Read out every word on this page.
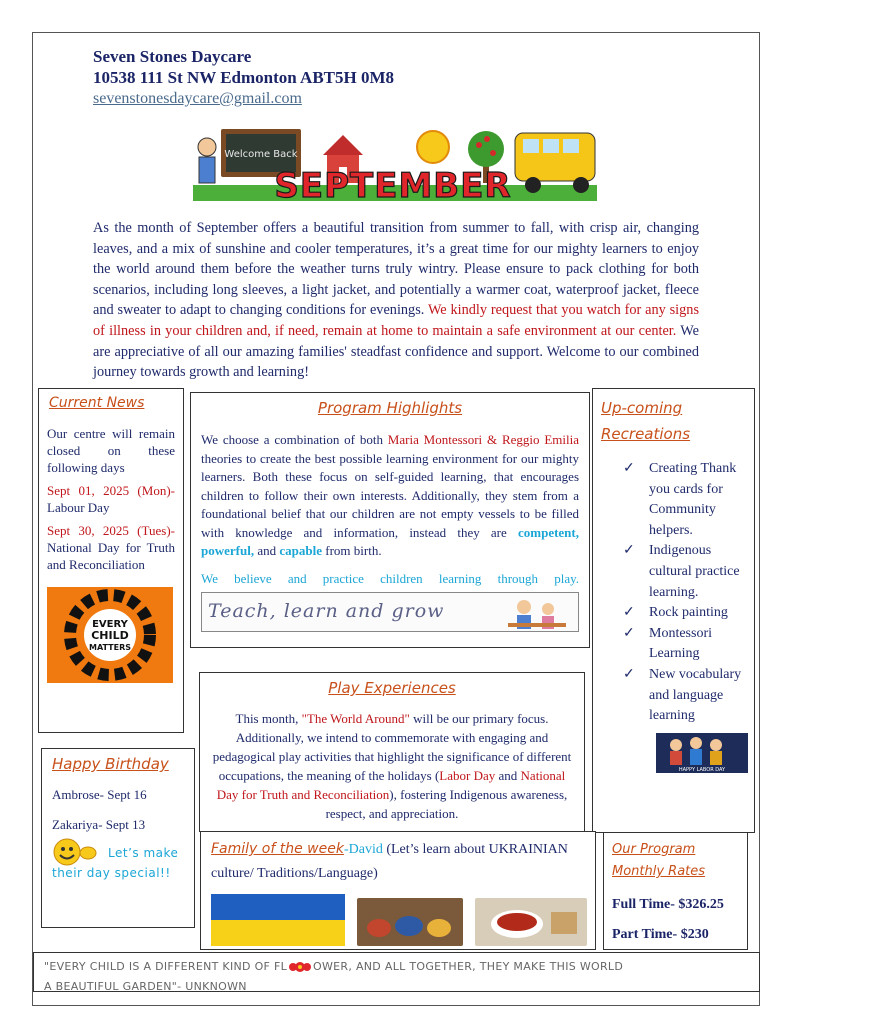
Seven Stones Daycare
10538 111 St NW Edmonton ABT5H 0M8
sevenstonesdaycare@gmail.com
Welcome Back
SEPTEMBER
As the month of September offers a beautiful transition from summer to fall, with crisp air, changing leaves, and a mix of sunshine and cooler temperatures, it’s a great time for our mighty learners to enjoy the world around them before the weather turns truly wintry. Please ensure to pack clothing for both scenarios, including long sleeves, a light jacket, and potentially a warmer coat, waterproof jacket, fleece and sweater to adapt to changing conditions for evenings. We kindly request that you watch for any signs of illness in your children and, if need, remain at home to maintain a safe environment at our center. We are appreciative of all our amazing families' steadfast confidence and support. Welcome to our combined journey towards growth and learning!
Current News

Our centre will remain closed on these following days

Sept 01, 2025 (Mon)- Labour Day

Sept 30, 2025 (Tues)- National Day for Truth and Reconciliation

EVERY
CHILD
MATTERS
Program Highlights

We choose a combination of both Maria Montessori & Reggio Emilia theories to create the best possible learning environment for our mighty learners. Both these focus on self-guided learning, that encourages children to follow their own interests. Additionally, they stem from a foundational belief that our children are not empty vessels to be filled with knowledge and information, instead they are competent, powerful, and capable from birth.

We believe and practice children learning through play.

Teach, learn and grow
Up-coming
Recreations
✓ Creating Thank you cards for Community helpers.
✓ Indigenous cultural practice learning.
✓ Rock painting
✓ Montessori Learning
✓ New vocabulary and language learning
HAPPY LABOR DAY
Play Experiences

This month, "The World Around" will be our primary focus. Additionally, we intend to commemorate with engaging and pedagogical play activities that highlight the significance of different occupations, the meaning of the holidays (Labor Day and National Day for Truth and Reconciliation), fostering Indigenous awareness, respect, and appreciation.

Happy Birthday

Ambrose- Sept 16

Zakariya- Sept 13

Let’s make
their day special!!
Family of the week-David (Let’s learn about UKRAINIAN culture/ Traditions/Language)
Our Program
Monthly Rates

Full Time- $326.25

Part Time- $230

"EVERY CHILD IS A DIFFERENT KIND OF FL OWER, AND ALL TOGETHER, THEY MAKE THIS WORLD
A BEAUTIFUL GARDEN"- UNKNOWN
